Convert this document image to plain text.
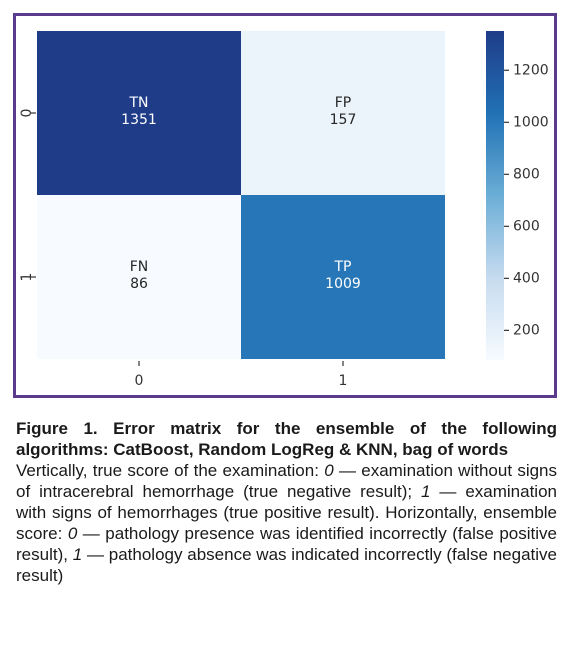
TN
1351
FP
157
FN
86
TP
1009
0
1
0	1
200
400
600
800
1000
1200

Figure 1. Error matrix for the ensemble of the following algorithms: CatBoost, Random LogReg & KNN, bag of words

Vertically, true score of the examination: 0 — examination without signs of intracerebral hemorrhage (true negative result); 1 — examination with signs of hemorrhages (true positive result). Horizontally, ensemble score: 0 — pathology presence was identified incorrectly (false positive result), 1 — pathology absence was indicated incorrectly (false negative result)
